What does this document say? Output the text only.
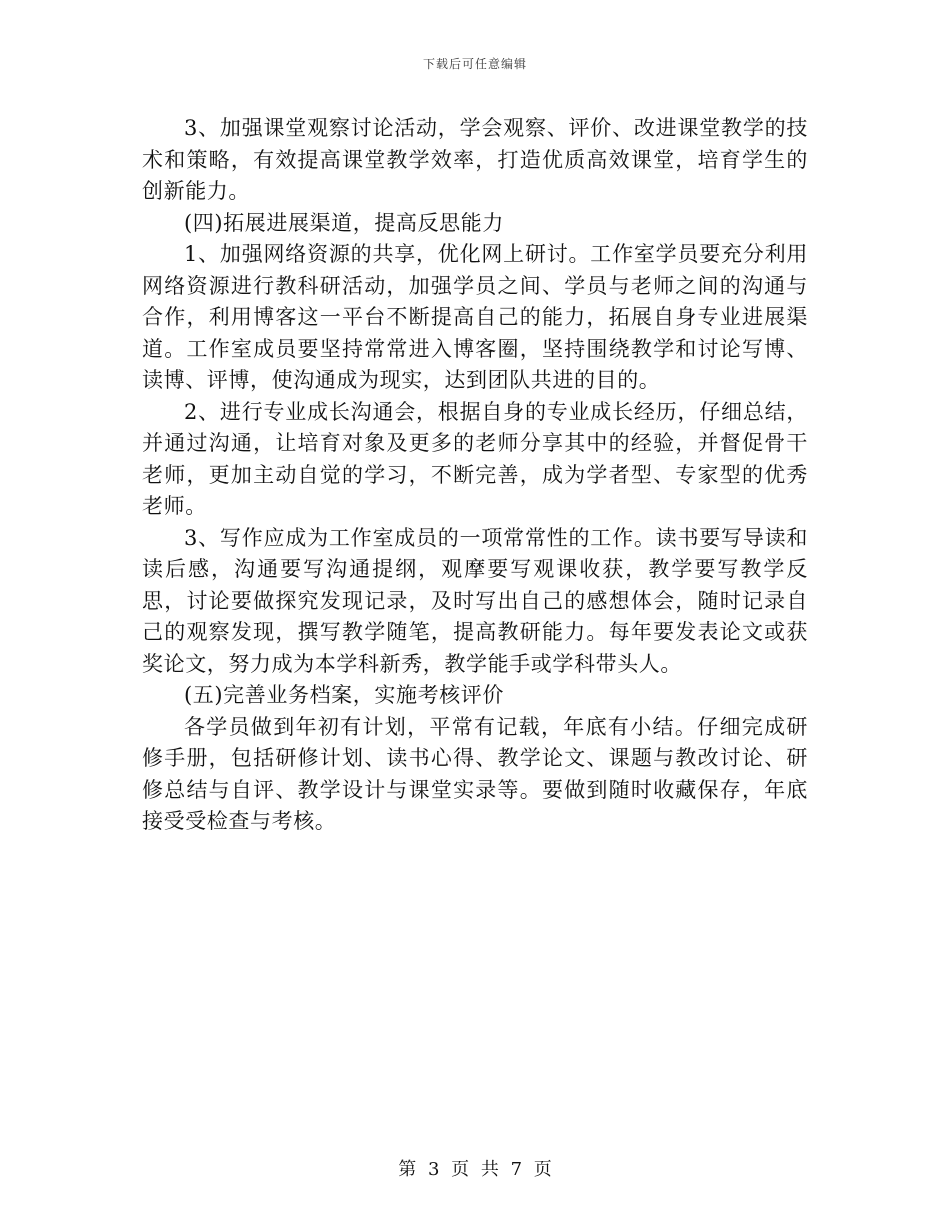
下载后可任意编辑

3、加强课堂观察讨论活动，学会观察、评价、改进课堂教学的技术和策略，有效提高课堂教学效率，打造优质高效课堂，培育学生的创新能力。

(四)拓展进展渠道，提高反思能力

1、加强网络资源的共享，优化网上研讨。工作室学员要充分利用网络资源进行教科研活动，加强学员之间、学员与老师之间的沟通与合作，利用博客这一平台不断提高自己的能力，拓展自身专业进展渠道。工作室成员要坚持常常进入博客圈，坚持围绕教学和讨论写博、读博、评博，使沟通成为现实，达到团队共进的目的。

2、进行专业成长沟通会，根据自身的专业成长经历，仔细总结，并通过沟通，让培育对象及更多的老师分享其中的经验，并督促骨干老师，更加主动自觉的学习，不断完善，成为学者型、专家型的优秀老师。

3、写作应成为工作室成员的一项常常性的工作。读书要写导读和读后感，沟通要写沟通提纲，观摩要写观课收获，教学要写教学反思，讨论要做探究发现记录，及时写出自己的感想体会，随时记录自己的观察发现，撰写教学随笔，提高教研能力。每年要发表论文或获奖论文，努力成为本学科新秀，教学能手或学科带头人。

(五)完善业务档案，实施考核评价

各学员做到年初有计划，平常有记载，年底有小结。仔细完成研修手册，包括研修计划、读书心得、教学论文、课题与教改讨论、研修总结与自评、教学设计与课堂实录等。要做到随时收藏保存，年底接受受检查与考核。

第 3 页 共 7 页
